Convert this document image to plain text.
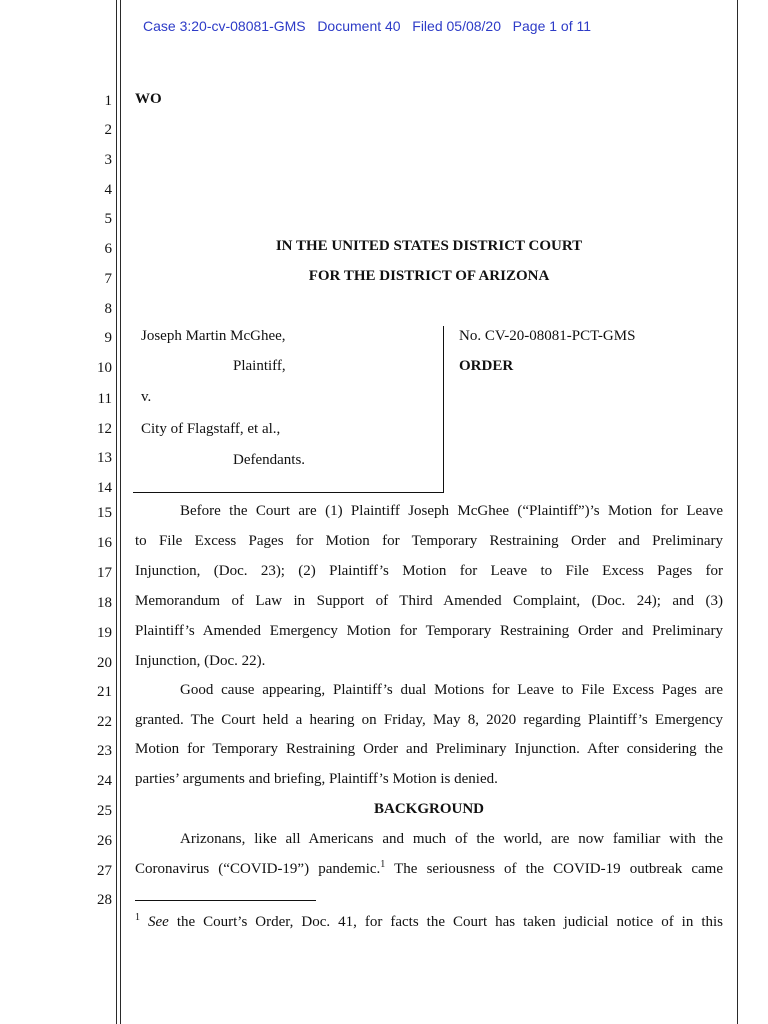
Case 3:20-cv-08081-GMS Document 40 Filed 05/08/20 Page 1 of 11
1
2
3
4
5
6
7
8
9
10
11
12
13
14
15
16
17
18
19
20
21
22
23
24
25
26
27
28
WO
IN THE UNITED STATES DISTRICT COURT
FOR THE DISTRICT OF ARIZONA
Joseph Martin McGhee,
Plaintiff,
v.
City of Flagstaff, et al.,
Defendants.
No. CV-20-08081-PCT-GMS
ORDER
Before the Court are (1) Plaintiff Joseph McGhee (“Plaintiff”)’s Motion for Leave
to File Excess Pages for Motion for Temporary Restraining Order and Preliminary
Injunction, (Doc. 23); (2) Plaintiff’s Motion for Leave to File Excess Pages for
Memorandum of Law in Support of Third Amended Complaint, (Doc. 24); and (3)
Plaintiff’s Amended Emergency Motion for Temporary Restraining Order and Preliminary
Injunction, (Doc. 22).
Good cause appearing, Plaintiff’s dual Motions for Leave to File Excess Pages are
granted. The Court held a hearing on Friday, May 8, 2020 regarding Plaintiff’s Emergency
Motion for Temporary Restraining Order and Preliminary Injunction. After considering the
parties’ arguments and briefing, Plaintiff’s Motion is denied.
BACKGROUND
Arizonans, like all Americans and much of the world, are now familiar with the
Coronavirus (“COVID-19”) pandemic.$^1$ The seriousness of the COVID-19 outbreak came
$^1$ See the Court’s Order, Doc. 41, for facts the Court has taken judicial notice of in this
